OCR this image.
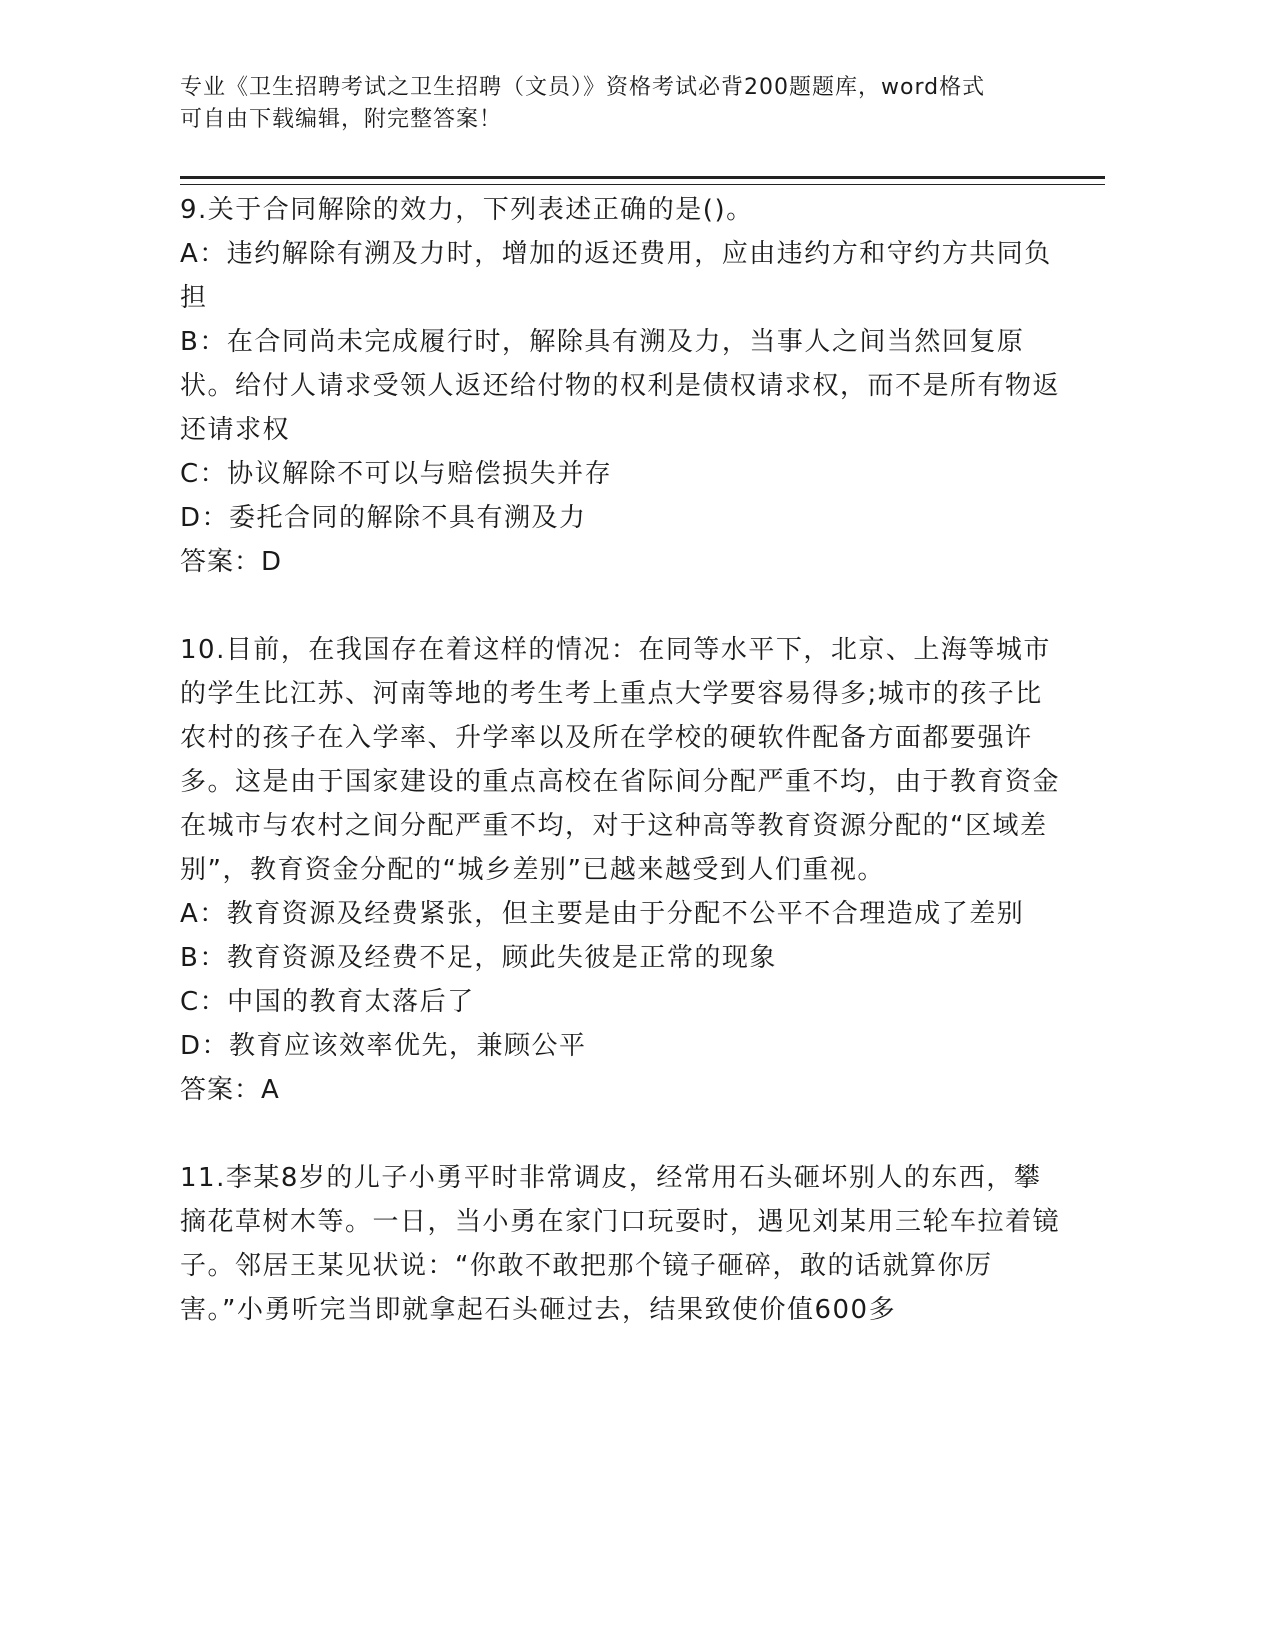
专业《卫生招聘考试之卫生招聘（文员）》资格考试必背200题题库，word格式
可自由下载编辑，附完整答案！

9.关于合同解除的效力，下列表述正确的是()。

A：违约解除有溯及力时，增加的返还费用，应由违约方和守约方共同负担

B：在合同尚未完成履行时，解除具有溯及力，当事人之间当然回复原状。给付人请求受领人返还给付物的权利是债权请求权，而不是所有物返还请求权

C：协议解除不可以与赔偿损失并存

D：委托合同的解除不具有溯及力

答案：D

10.目前，在我国存在着这样的情况：在同等水平下，北京、上海等城市的学生比江苏、河南等地的考生考上重点大学要容易得多;城市的孩子比农村的孩子在入学率、升学率以及所在学校的硬软件配备方面都要强许多。这是由于国家建设的重点高校在省际间分配严重不均，由于教育资金在城市与农村之间分配严重不均，对于这种高等教育资源分配的“区域差别”，教育资金分配的“城乡差别”已越来越受到人们重视。

A：教育资源及经费紧张，但主要是由于分配不公平不合理造成了差别

B：教育资源及经费不足，顾此失彼是正常的现象

C：中国的教育太落后了

D：教育应该效率优先，兼顾公平

答案：A

11.李某8岁的儿子小勇平时非常调皮，经常用石头砸坏别人的东西，攀摘花草树木等。一日，当小勇在家门口玩耍时，遇见刘某用三轮车拉着镜子。邻居王某见状说：“你敢不敢把那个镜子砸碎，敢的话就算你厉害。”小勇听完当即就拿起石头砸过去，结果致使价值600多
